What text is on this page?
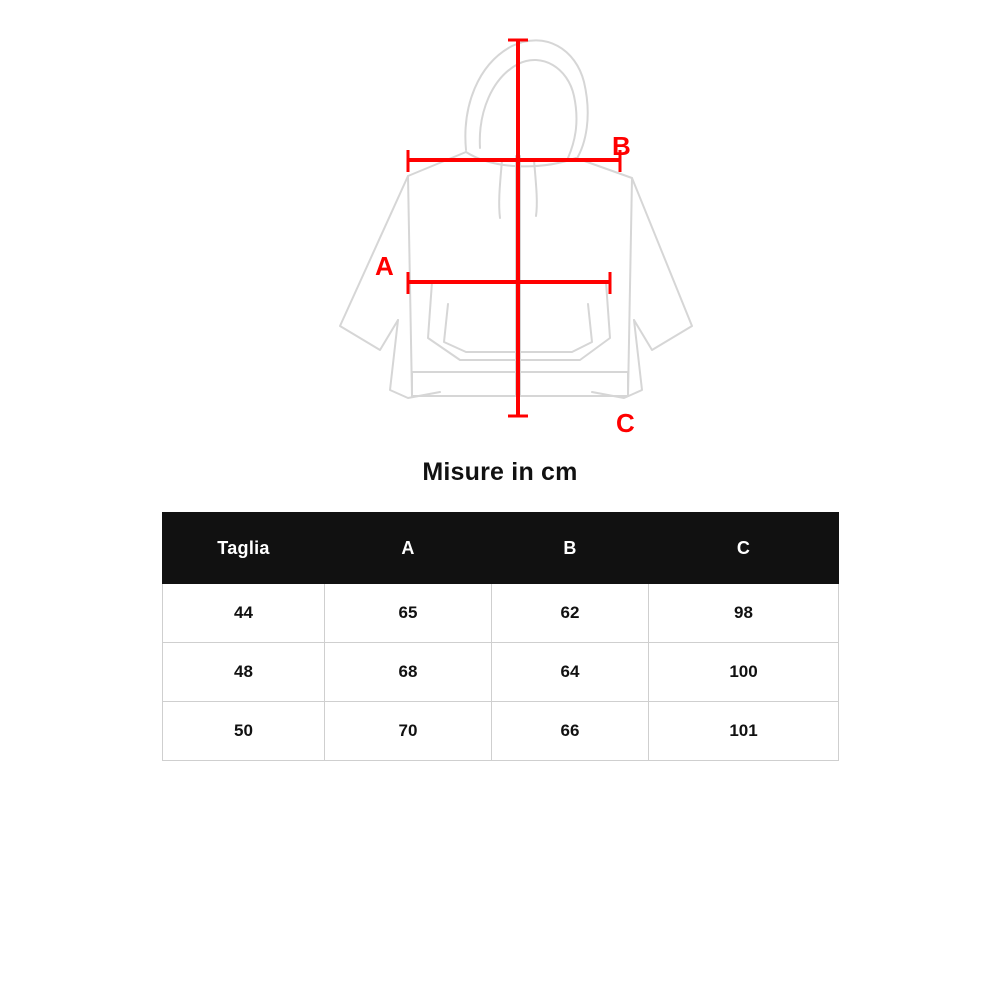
B
A
C
Misure in cm
Taglia	A	B	C
44	65	62	98
48	68	64	100
50	70	66	101
